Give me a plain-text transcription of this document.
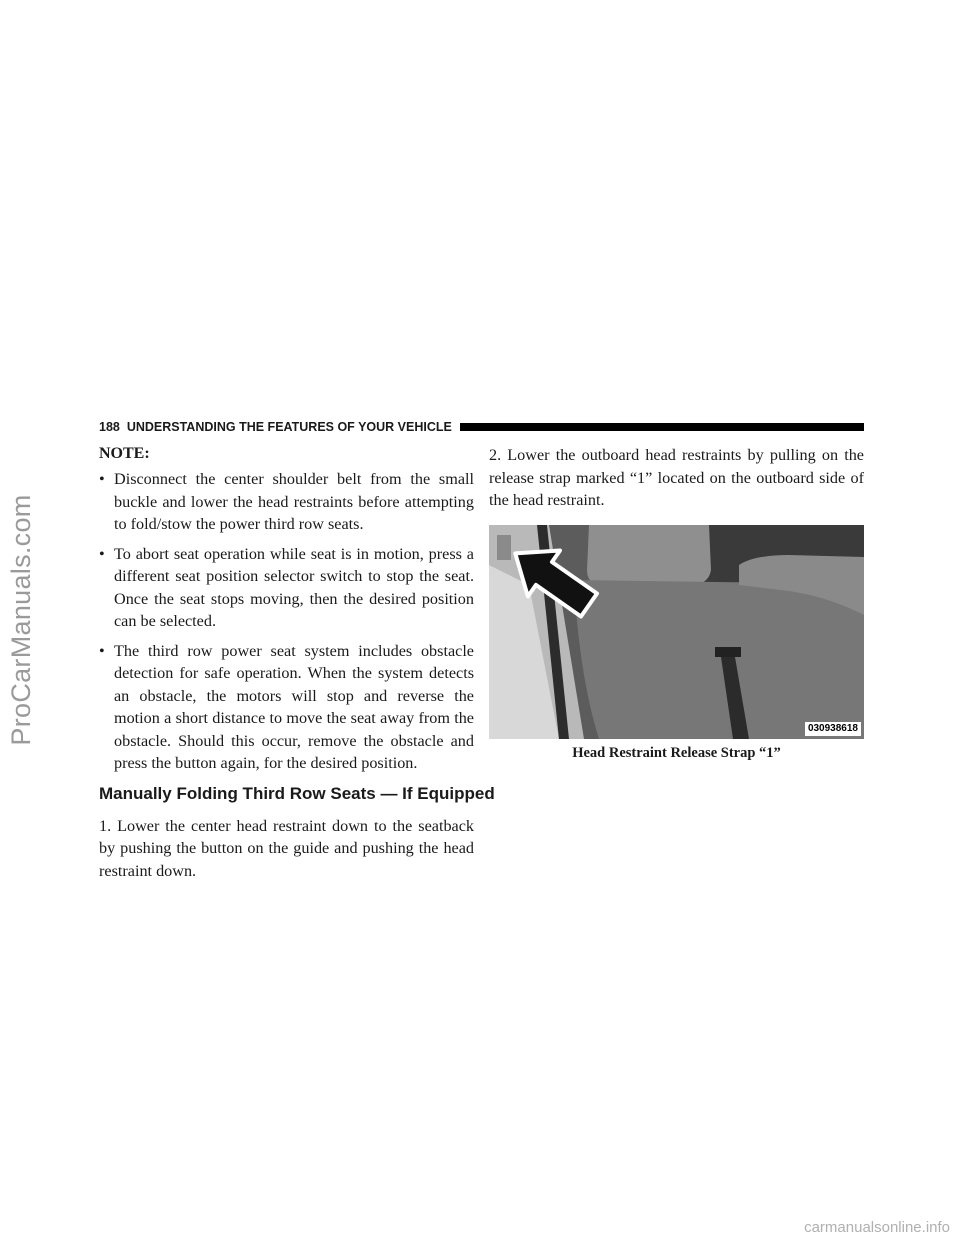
ProCarManuals.com
188 UNDERSTANDING THE FEATURES OF YOUR VEHICLE
NOTE:
• Disconnect the center shoulder belt from the small buckle and lower the head restraints before attempting to fold/stow the power third row seats.
• To abort seat operation while seat is in motion, press a different seat position selector switch to stop the seat. Once the seat stops moving, then the desired position can be selected.
• The third row power seat system includes obstacle detection for safe operation. When the system detects an obstacle, the motors will stop and reverse the motion a short distance to move the seat away from the obstacle. Should this occur, remove the obstacle and press the button again, for the desired position.
Manually Folding Third Row Seats — If Equipped

1. Lower the center head restraint down to the seatback by pushing the button on the guide and pushing the head restraint down.

2. Lower the outboard head restraints by pulling on the release strap marked “1” located on the outboard side of the head restraint.

030938618
Head Restraint Release Strap “1”
carmanualsonline.info
